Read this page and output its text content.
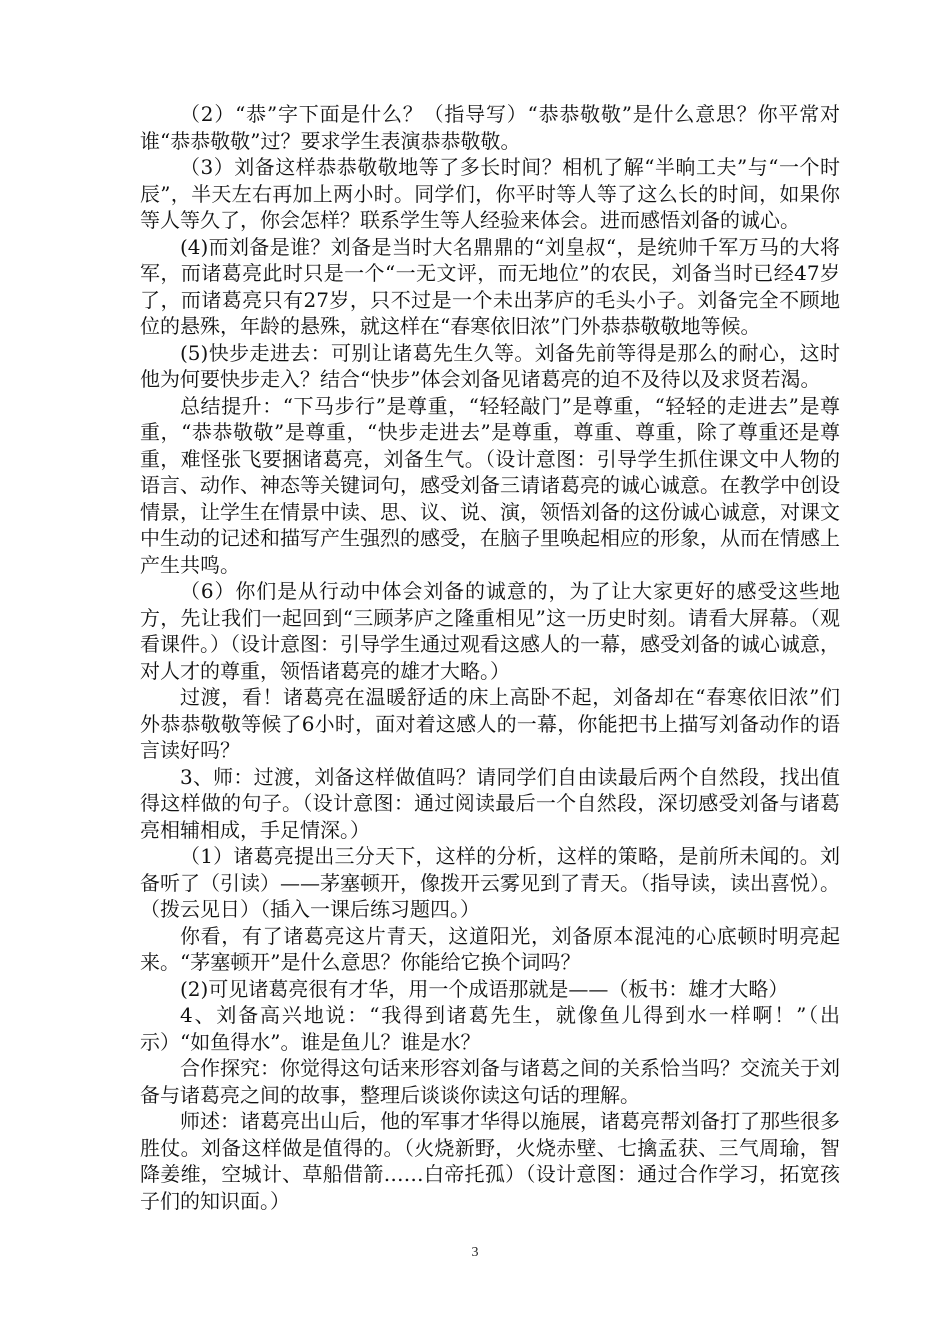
（2）“恭”字下面是什么？（指导写）“恭恭敬敬”是什么意思？你平常对谁“恭恭敬敬”过？要求学生表演恭恭敬敬。

（3）刘备这样恭恭敬敬地等了多长时间？相机了解“半晌工夫”与“一个时辰”，半天左右再加上两小时。同学们，你平时等人等了这么长的时间，如果你等人等久了，你会怎样？联系学生等人经验来体会。进而感悟刘备的诚心。

(4)而刘备是谁？刘备是当时大名鼎鼎的“刘皇叔“，是统帅千军万马的大将军，而诸葛亮此时只是一个“一无文评，而无地位”的农民，刘备当时已经47岁了，而诸葛亮只有27岁，只不过是一个未出茅庐的毛头小子。刘备完全不顾地位的悬殊，年龄的悬殊，就这样在“春寒依旧浓”门外恭恭敬敬地等候。

(5)快步走进去：可别让诸葛先生久等。刘备先前等得是那么的耐心，这时他为何要快步走入？结合“快步”体会刘备见诸葛亮的迫不及待以及求贤若渴。

总结提升：“下马步行”是尊重，“轻轻敲门”是尊重，“轻轻的走进去”是尊重，“恭恭敬敬”是尊重，“快步走进去”是尊重，尊重、尊重，除了尊重还是尊重，难怪张飞要捆诸葛亮，刘备生气。（设计意图：引导学生抓住课文中人物的语言、动作、神态等关键词句，感受刘备三请诸葛亮的诚心诚意。在教学中创设情景，让学生在情景中读、思、议、说、演，领悟刘备的这份诚心诚意，对课文中生动的记述和描写产生强烈的感受，在脑子里唤起相应的形象，从而在情感上产生共鸣。

（6）你们是从行动中体会刘备的诚意的，为了让大家更好的感受这些地方，先让我们一起回到“三顾茅庐之隆重相见”这一历史时刻。请看大屏幕。（观看课件。）（设计意图：引导学生通过观看这感人的一幕，感受刘备的诚心诚意，对人才的尊重，领悟诸葛亮的雄才大略。）

过渡，看！诸葛亮在温暖舒适的床上高卧不起，刘备却在“春寒依旧浓”们外恭恭敬敬等候了6小时，面对着这感人的一幕，你能把书上描写刘备动作的语言读好吗？

3、师：过渡，刘备这样做值吗？请同学们自由读最后两个自然段，找出值得这样做的句子。（设计意图：通过阅读最后一个自然段，深切感受刘备与诸葛亮相辅相成，手足情深。）

（1）诸葛亮提出三分天下，这样的分析，这样的策略，是前所未闻的。刘备听了（引读）——茅塞顿开，像拨开云雾见到了青天。（指导读，读出喜悦）。（拨云见日）（插入一课后练习题四。）

你看，有了诸葛亮这片青天，这道阳光，刘备原本混沌的心底顿时明亮起来。“茅塞顿开”是什么意思？你能给它换个词吗？

(2)可见诸葛亮很有才华，用一个成语那就是——（板书：雄才大略）

4、刘备高兴地说：“我得到诸葛先生，就像鱼儿得到水一样啊！”（出示）“如鱼得水”。谁是鱼儿？谁是水？

合作探究：你觉得这句话来形容刘备与诸葛之间的关系恰当吗？交流关于刘备与诸葛亮之间的故事，整理后谈谈你读这句话的理解。

师述：诸葛亮出山后，他的军事才华得以施展，诸葛亮帮刘备打了那些很多胜仗。刘备这样做是值得的。（火烧新野，火烧赤壁、七擒孟获、三气周瑜，智降姜维，空城计、草船借箭……白帝托孤）（设计意图：通过合作学习，拓宽孩子们的知识面。）

3
